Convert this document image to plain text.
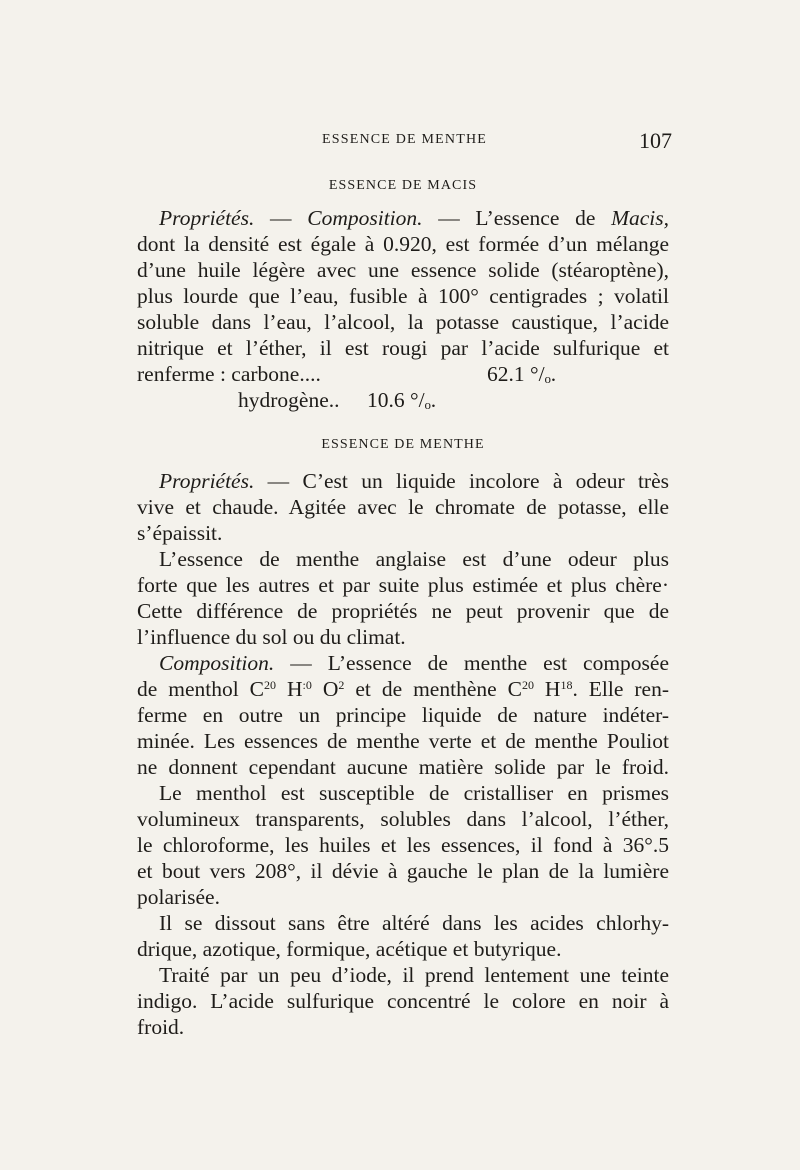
ESSENCE DE MENTHE	107
ESSENCE DE MACIS
Propriétés. — Composition. — L’essence de Macis,
dont la densité est égale à 0.920, est formée d’un mélange
d’une huile légère avec une essence solide (stéaroptène),
plus lourde que l’eau, fusible à 100° centigrades ; volatil
soluble dans l’eau, l’alcool, la potasse caustique, l’acide
nitrique et l’éther, il est rougi par l’acide sulfurique et
renferme : carbone....	62.1 °/ₒ.
hydrogène.. 10.6 °/ₒ.
ESSENCE DE MENTHE
Propriétés. — C’est un liquide incolore à odeur très
vive et chaude. Agitée avec le chromate de potasse, elle
s’épaissit.
L’essence de menthe anglaise est d’une odeur plus
forte que les autres et par suite plus estimée et plus chère·
Cette différence de propriétés ne peut provenir que de
l’influence du sol ou du climat.
Composition. — L’essence de menthe est composée
de menthol $C^{20}$ $H^{:0}$ $O^2$ et de menthène $C^{20}$ $H^{18}$. Elle ren-
ferme en outre un principe liquide de nature indéter-
minée. Les essences de menthe verte et de menthe Pouliot
ne donnent cependant aucune matière solide par le froid.
Le menthol est susceptible de cristalliser en prismes
volumineux transparents, solubles dans l’alcool, l’éther,
le chloroforme, les huiles et les essences, il fond à 36°.5
et bout vers 208°, il dévie à gauche le plan de la lumière
polarisée.
Il se dissout sans être altéré dans les acides chlorhy-
drique, azotique, formique, acétique et butyrique.
Traité par un peu d’iode, il prend lentement une teinte
indigo. L’acide sulfurique concentré le colore en noir à
froid.
